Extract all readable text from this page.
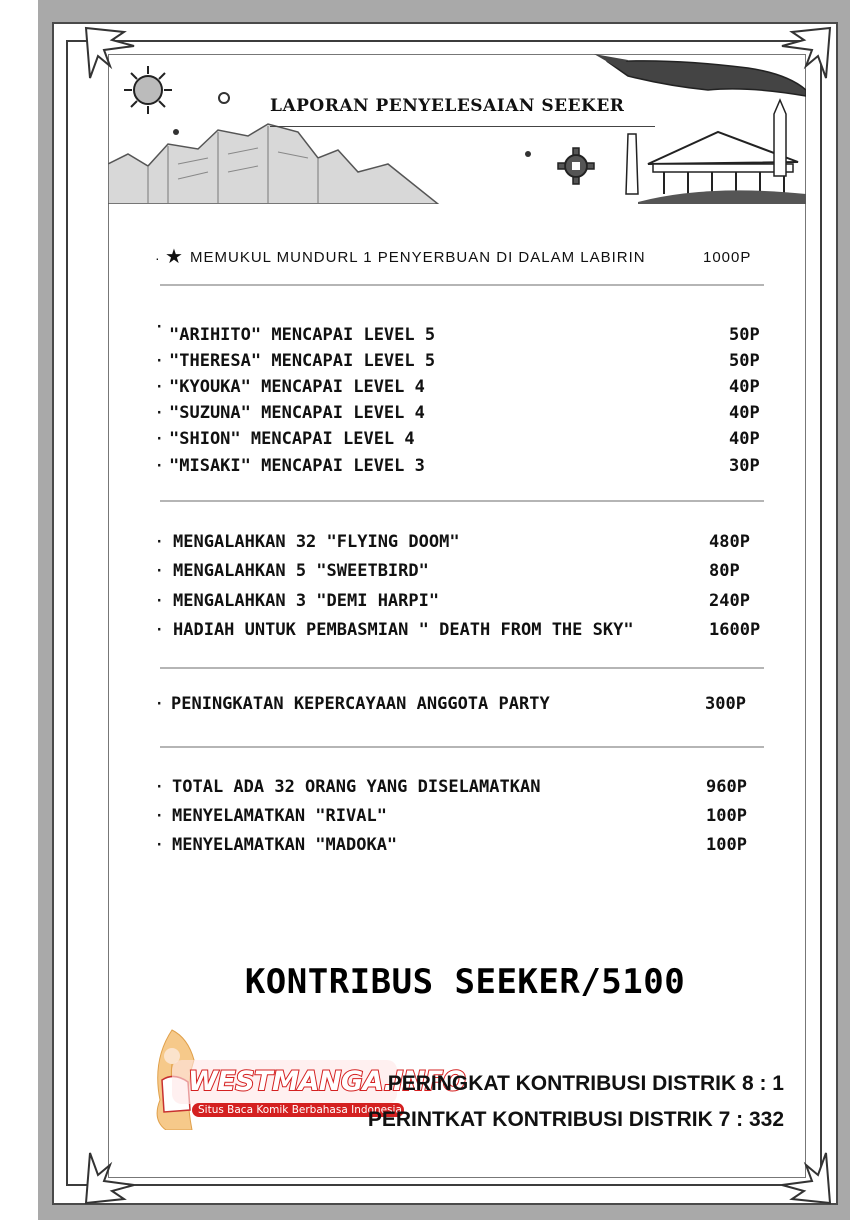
LAPORAN PENYELESAIAN SEEKER
· ★ MEMUKUL MUNDURL 1 PENYERBUAN DI DALAM LABIRIN	1000P
· "ARIHITO" MENCAPAI LEVEL 5	50P
· "THERESA" MENCAPAI LEVEL 5	50P
· "KYOUKA" MENCAPAI LEVEL 4	40P
· "SUZUNA" MENCAPAI LEVEL 4	40P
· "SHION" MENCAPAI LEVEL 4	40P
· "MISAKI" MENCAPAI LEVEL 3	30P
· MENGALAHKAN 32 "FLYING DOOM"	480P
· MENGALAHKAN 5 "SWEETBIRD"	80P
· MENGALAHKAN 3 "DEMI HARPI"	240P
· HADIAH UNTUK PEMBASMIAN " DEATH FROM THE SKY"	1600P
· PENINGKATAN KEPERCAYAAN ANGGOTA PARTY	300P
· TOTAL ADA 32 ORANG YANG DISELAMATKAN	960P
· MENYELAMATKAN "RIVAL"	100P
· MENYELAMATKAN "MADOKA"	100P
KONTRIBUS SEEKER/5100
WESTMANGA.INFO
Situs Baca Komik Berbahasa Indonesia
PERINGKAT KONTRIBUSI DISTRIK 8 : 1
PERINTKAT KONTRIBUSI DISTRIK 7 : 332
